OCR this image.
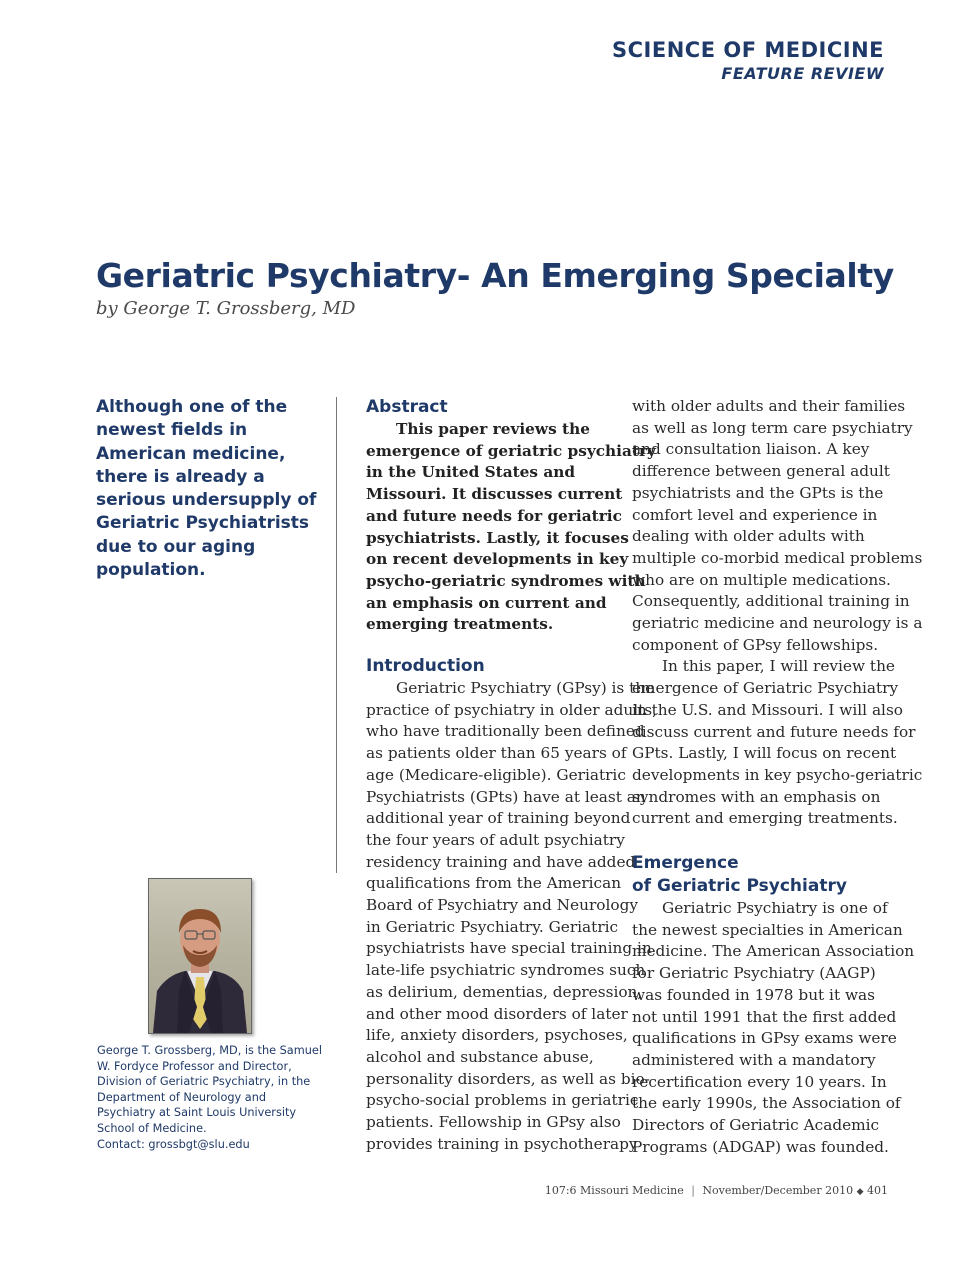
SCIENCE OF MEDICINE
FEATURE REVIEW
Geriatric Psychiatry- An Emerging Specialty
by George T. Grossberg, MD
Although one of the newest fields in American medicine, there is already a serious undersupply of Geriatric Psychiatrists due to our aging population.
George T. Grossberg, MD, is the Samuel W. Fordyce Professor and Director, Division of Geriatric Psychiatry, in the Department of Neurology and Psychiatry at Saint Louis University School of Medicine.
Contact: grossbgt@slu.edu
Abstract
This paper reviews the
emergence of geriatric psychiatry
in the United States and
Missouri. It discusses current
and future needs for geriatric
psychiatrists. Lastly, it focuses
on recent developments in key
psycho-geriatric syndromes with
an emphasis on current and
emerging treatments.
Introduction
Geriatric Psychiatry (GPsy) is the
practice of psychiatry in older adults,
who have traditionally been defined
as patients older than 65 years of
age (Medicare-eligible). Geriatric
Psychiatrists (GPts) have at least an
additional year of training beyond
the four years of adult psychiatry
residency training and have added
qualifications from the American
Board of Psychiatry and Neurology
in Geriatric Psychiatry. Geriatric
psychiatrists have special training in
late-life psychiatric syndromes such
as delirium, dementias, depression,
and other mood disorders of later
life, anxiety disorders, psychoses,
alcohol and substance abuse,
personality disorders, as well as bio-
psycho-social problems in geriatric
patients. Fellowship in GPsy also
provides training in psychotherapy
with older adults and their families
as well as long term care psychiatry
and consultation liaison. A key
difference between general adult
psychiatrists and the GPts is the
comfort level and experience in
dealing with older adults with
multiple co-morbid medical problems
who are on multiple medications.
Consequently, additional training in
geriatric medicine and neurology is a
component of GPsy fellowships.
In this paper, I will review the
emergence of Geriatric Psychiatry
in the U.S. and Missouri. I will also
discuss current and future needs for
GPts. Lastly, I will focus on recent
developments in key psycho-geriatric
syndromes with an emphasis on
current and emerging treatments.
Emergence
of Geriatric Psychiatry
Geriatric Psychiatry is one of
the newest specialties in American
medicine. The American Association
for Geriatric Psychiatry (AAGP)
was founded in 1978 but it was
not until 1991 that the first added
qualifications in GPsy exams were
administered with a mandatory
recertification every 10 years. In
the early 1990s, the Association of
Directors of Geriatric Academic
Programs (ADGAP) was founded.
107:6 Missouri Medicine | November/December 2010 ◆ 401
